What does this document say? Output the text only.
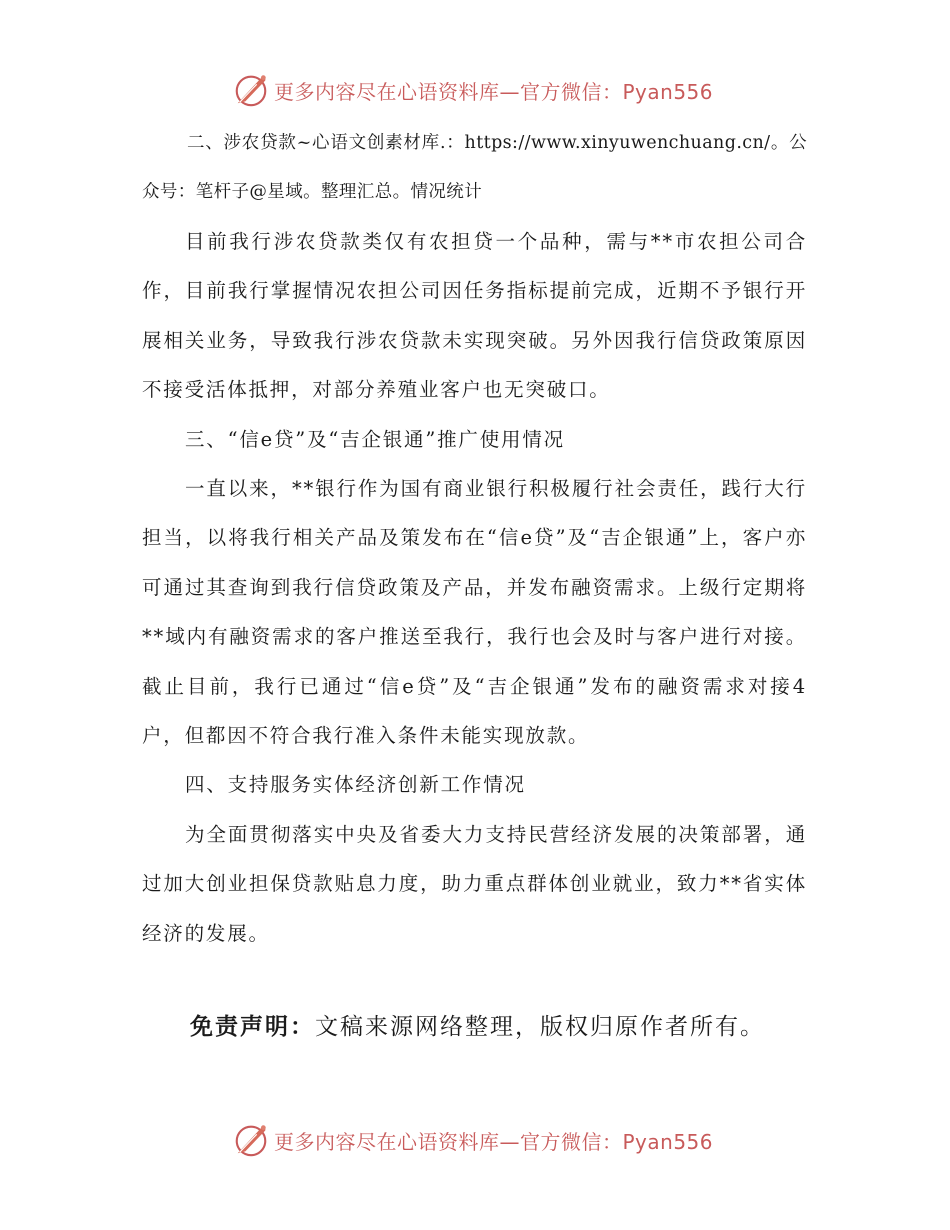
更多内容尽在心语资料库—官方微信：Pyan556

二、涉农贷款~心语文创素材库.：https://www.xinyuwenchuang.cn/。公众号：笔杆子@星域。整理汇总。情况统计

目前我行涉农贷款类仅有农担贷一个品种，需与**市农担公司合作，目前我行掌握情况农担公司因任务指标提前完成，近期不予银行开展相关业务，导致我行涉农贷款未实现突破。另外因我行信贷政策原因不接受活体抵押，对部分养殖业客户也无突破口。

三、“信e贷”及“吉企银通”推广使用情况

一直以来，**银行作为国有商业银行积极履行社会责任，践行大行担当，以将我行相关产品及策发布在“信e贷”及“吉企银通”上，客户亦可通过其查询到我行信贷政策及产品，并发布融资需求。上级行定期将**域内有融资需求的客户推送至我行，我行也会及时与客户进行对接。截止目前，我行已通过“信e贷”及“吉企银通”发布的融资需求对接4户，但都因不符合我行准入条件未能实现放款。

四、支持服务实体经济创新工作情况

为全面贯彻落实中央及省委大力支持民营经济发展的决策部署，通过加大创业担保贷款贴息力度，助力重点群体创业就业，致力**省实体经济的发展。

免责声明：文稿来源网络整理，版权归原作者所有。
更多内容尽在心语资料库—官方微信：Pyan556
